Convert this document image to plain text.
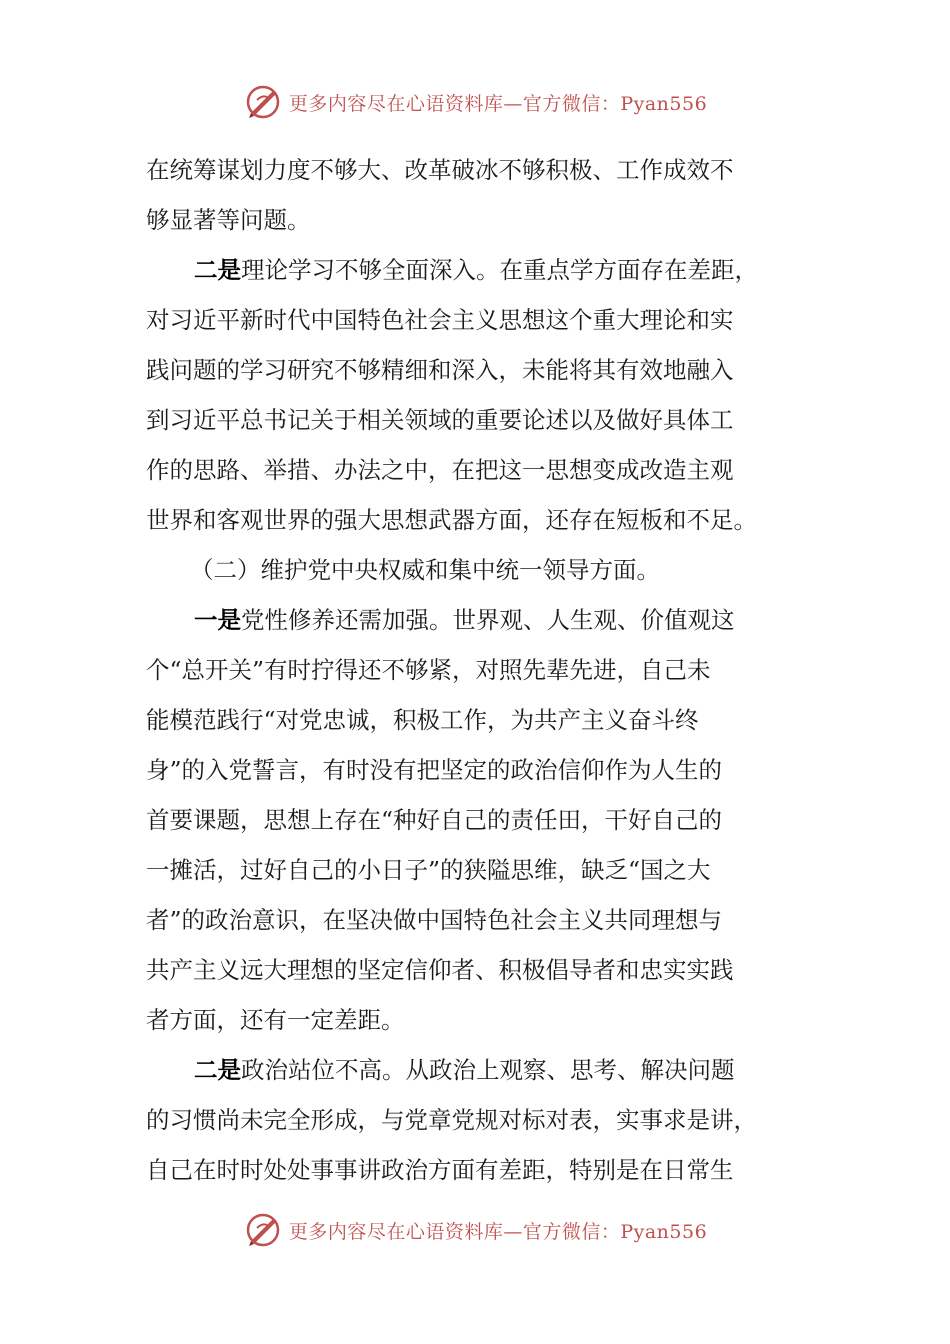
更多内容尽在心语资料库—官方微信：Pyan556
在统筹谋划力度不够大、改革破冰不够积极、工作成效不
够显著等问题。
二是理论学习不够全面深入。在重点学方面存在差距，
对习近平新时代中国特色社会主义思想这个重大理论和实
践问题的学习研究不够精细和深入，未能将其有效地融入
到习近平总书记关于相关领域的重要论述以及做好具体工
作的思路、举措、办法之中，在把这一思想变成改造主观
世界和客观世界的强大思想武器方面，还存在短板和不足。
（二）维护党中央权威和集中统一领导方面。
一是党性修养还需加强。世界观、人生观、价值观这
个“总开关”有时拧得还不够紧，对照先辈先进，自己未
能模范践行“对党忠诚，积极工作，为共产主义奋斗终
身”的入党誓言，有时没有把坚定的政治信仰作为人生的
首要课题，思想上存在“种好自己的责任田，干好自己的
一摊活，过好自己的小日子”的狭隘思维，缺乏“国之大
者”的政治意识，在坚决做中国特色社会主义共同理想与
共产主义远大理想的坚定信仰者、积极倡导者和忠实实践
者方面，还有一定差距。
二是政治站位不高。从政治上观察、思考、解决问题
的习惯尚未完全形成，与党章党规对标对表，实事求是讲，
自己在时时处处事事讲政治方面有差距，特别是在日常生
更多内容尽在心语资料库—官方微信：Pyan556
